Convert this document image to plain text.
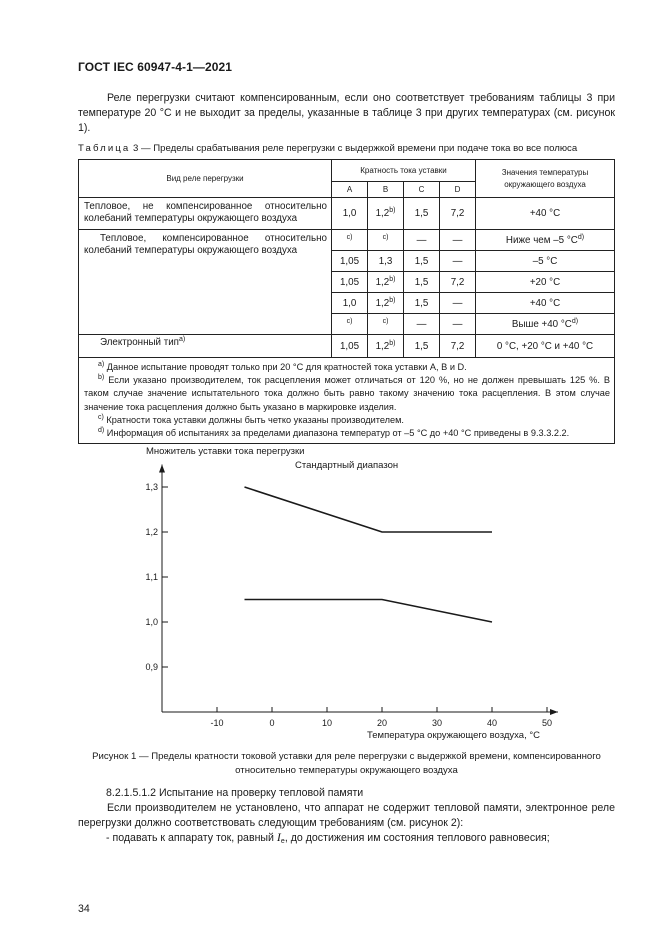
ГОСТ IEC 60947-4-1—2021
Реле перегрузки считают компенсированным, если оно соответствует требованиям таблицы 3 при температуре 20 °С и не выходит за пределы, указанные в таблице 3 при других температурах (см. рисунок 1).
Таблица 3 — Пределы срабатывания реле перегрузки с выдержкой времени при подаче тока во все полюса
Вид реле перегрузки	Кратность тока уставки				Значения температуры окружающего воздуха
	A	B	C	D	
Тепловое, не компенсированное относительно колебаний температуры окружающего воздуха	1,0	1,2$^{b)}$	1,5	7,2	+40 °С
Тепловое, компенсированное относительно колебаний температуры окружающего воздуха	$^{c)}$	$^{c)}$	—	—	Ниже чем –5 $^\circ С^{d)}$
	1,05	1,3	1,5	—	–5 °С
	1,05	1,2$^{b)}$	1,5	7,2	+20 °С
	1,0	1,2$^{b)}$	1,5	—	+40 °С
	$^{c)}$	$^{c)}$	—	—	Выше +40 $^\circ С^{d)}$
Электронный тип$^{a)}$	1,05	1,2$^{b)}$	1,5	7,2	0 °С, +20 °С и +40 °С

$^{a)}$ Данное испытание проводят только при 20 °С для кратностей тока уставки А, В и D.
$^{b)}$ Если указано производителем, ток расцепления может отличаться от 120 %, но не должен превышать 125 %. В таком случае значение испытательного тока должно быть равно такому значению тока расцепления. В этом случае значение тока расцепления должно быть указано в маркировке изделия.
$^{c)}$ Кратности тока уставки должны быть четко указаны производителем.
$^{d)}$ Информация об испытаниях за пределами диапазона температур от –5 °С до +40 °С приведены в 9.3.3.2.2.					
-10	0	10	20	30	40	50
0,9
1,0
1,1
1,2
1,3
Множитель уставки тока перегрузки
Стандартный диапазон
Температура окружающего воздуха, °С
Рисунок 1 — Пределы кратности токовой уставки для реле перегрузки с выдержкой времени, компенсированного относительно температуры окружающего воздуха
8.2.1.5.1.2 Испытание на проверку тепловой памяти
Если производителем не установлено, что аппарат не содержит тепловой памяти, электронное реле перегрузки должно соответствовать следующим требованиям (см. рисунок 2):
- подавать к аппарату ток, равный $I_e$, до достижения им состояния теплового равновесия;
34
